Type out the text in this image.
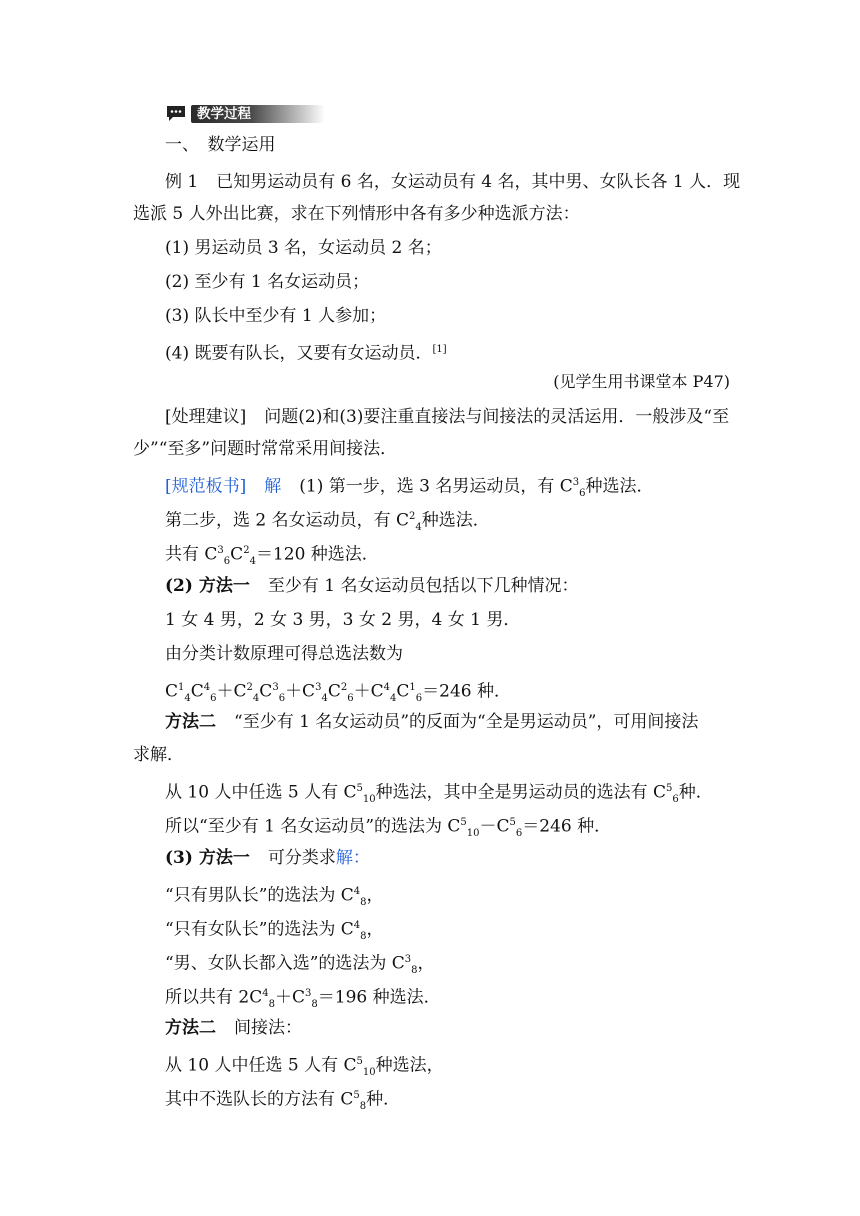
教学过程
一、　数学运用
例 1 已知男运动员有 6 名，女运动员有 4 名，其中男、女队长各 1 人．现
选派 5 人外出比赛，求在下列情形中各有多少种选派方法：
(1) 男运动员 3 名，女运动员 2 名；
(2) 至少有 1 名女运动员；
(3) 队长中至少有 1 人参加；
(4) 既要有队长，又要有女运动员．[1]
(见学生用书课堂本 P47)
[处理建议] 问题(2)和(3)要注重直接法与间接法的灵活运用．一般涉及“至
少”“至多”问题时常常采用间接法．
[规范板书] 解 (1) 第一步，选 3 名男运动员，有 $C^3_6$种选法．
第二步，选 2 名女运动员，有 $C^2_4$种选法．
共有 $C^3_6C^2_4=120$ 种选法．
(2) 方法一 至少有 1 名女运动员包括以下几种情况：
1 女 4 男，2 女 3 男，3 女 2 男，4 女 1 男．
由分类计数原理可得总选法数为
$C^1_4C^4_6+C^2_4C^3_6+C^3_4C^2_6+C^4_4C^1_6=246$ 种．
方法二 “至少有 1 名女运动员”的反面为“全是男运动员”，可用间接法
求解．
从 10 人中任选 5 人有 $C^5_{10}$种选法，其中全是男运动员的选法有 $C^5_6$种．
所以“至少有 1 名女运动员”的选法为 $C^5_{10}-C^5_6=246$ 种．
(3) 方法一 可分类求解：
“只有男队长”的选法为 $C^4_8$，
“只有女队长”的选法为 $C^4_8$，
“男、女队长都入选”的选法为 $C^3_8$，
所以共有 $2C^4_8+C^3_8=196$ 种选法．
方法二 间接法：
从 10 人中任选 5 人有 $C^5_{10}$种选法，
其中不选队长的方法有 $C^5_8$种．
